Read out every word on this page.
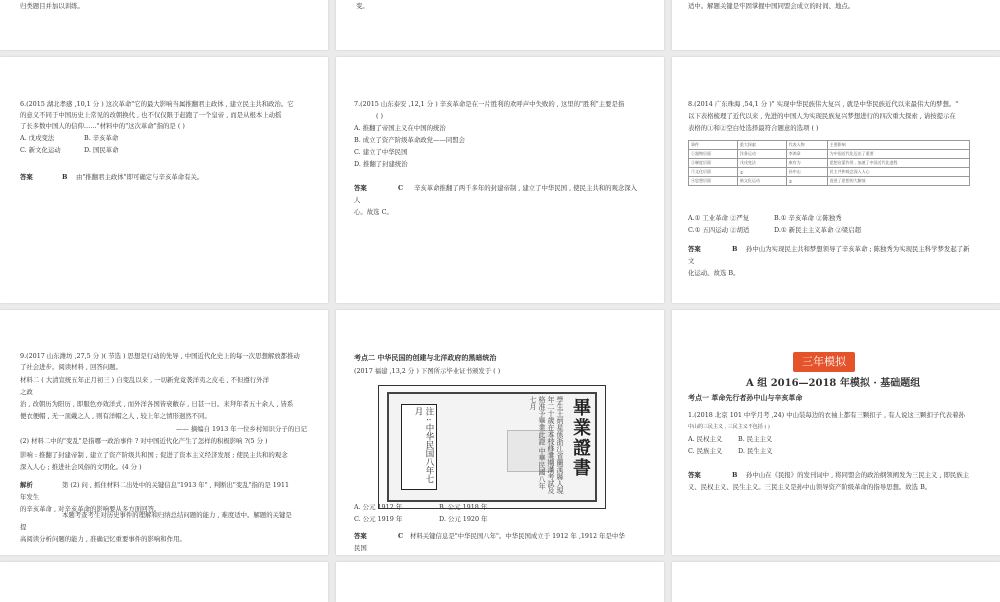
归类题目并加以训练。	变。	适中。解题关键是牢固掌握中国同盟会成立的时间、地点。
6.(2015 湖北孝感 ,10,1 分 ) 这次革命"它的最大影响当属推翻君主政体 , 建立民主共和政治。它
的意义不同于中国历史上常见的改朝换代 , 也不仅仅限于赶跑了一个皇帝 , 而是从根本上动摇
了长多数中国人的信仰……"材料中的"这次革命"指的是 ( )
A. 戊戌变法	B. 辛亥革命
C. 新文化运动	D. 国民革命
答案	B 由"推翻君主政体"即可确定与辛亥革命有关。
7.(2015 山东泰安 ,12,1 分 ) 辛亥革命是在一片胜利的欢呼声中失败的 , 这里的"胜利"主要是指
( )
A. 推翻了帝国主义在中国的统治
B. 成立了资产阶级革命政党——同盟会
C. 建立了中华民国
D. 推翻了封建统治
答案	C 辛亥革命推翻了两千多年的封建帝制 , 建立了中华民国 , 使民主共和的观念深入
人
心。故选 C。
8.(2014 广东珠海 ,54,1 分 )" 实现中华民族伟大复兴 , 就是中华民族近代以来最伟大的梦想。"
以下表格梳理了近代以来 , 先进的中国人为实现民族复兴梦想进行的四次重大探索 , 请按提示在
表格的①和②空白处选择最符合题意的选项 ( )
事件	重大探索	代表人物	主要影响
①器物层面	洋务运动	李鸿章	为中国近代化迈出了重要
②制度层面	戊戌变法	康有为	思想启蒙作用 , 加速了中国近代化进程
③文化层面	①	孙中山	民主共和观念深入人心
④思想层面	新文化运动	②	促进了思想的大解放
A.① 工业革命 ②严复	B.① 辛亥革命 ②陈独秀
C.① 五四运动 ②胡适	D.① 新民主主义革命 ②梁启超
答案	B 孙中山为实现民主共和梦想领导了辛亥革命 ; 陈独秀为实现民主科学梦发起了新
文
化运动。故选 B。
9.(2017 山东潍坊 ,27,5 分 )( 节选 ) 思想是行动的先导 , 中国近代化史上的每一次思想解放都推动
了社会进步。阅读材料 , 回答问题。
材料二 ( 大清宣统五年正月初三 ) 自变乱以来 , 一切新党竟袭洋夷之皮毛 , 不但遵行外洋
之政
治 , 改朝历为阳历 , 即服色亦效洋式 , 而外洋各国皆衰敝存 , 日甚一日。来拜年者五十余人 , 皆系
便衣便帽 , 无一顶戴之人 , 则有洋帽之人 , 较上年之情形迥然不同。
—— 摘编自 1913 年一位乡村知识分子的日记
(2) 材料二中的"变乱"是指哪一政治事件 ? 对中国近代化产生了怎样的积极影响 ?(5 分 )
影响 : 推翻了封建帝制 , 建立了资产阶级共和国 ; 促进了资本主义经济发展 ; 使民主共和的观念
深入人心 ; 推进社会风俗的文明化。(4 分 )
解析	第 (2) 问 , 抓住材料二出处中的关键信息"1913 年" , 判断出"变乱"指的是 1911
年发生
的辛亥革命 , 对辛亥革命的影响要从多方面回答。
本题考查考生对历史事件的理解和归纳总结问题的能力 , 难度适中。解题的关键是
提
高阅读分析问题的能力 , 准确记忆重要事件的影响和作用。
考点二 中华民国的创建与北洋政府的黑暗统治
(2017 福建 ,13,2 分 ) 下图所示毕业证书颁发于 ( )
學生王炳星係浙江省蘭溪縣人現年二十歲在本校修業期滿考試及格准予畢業此證 中華民國八年七月	畢業證書
注 : 中华民国八年七月
A. 公元 1912 年	B. 公元 1918 年
C. 公元 1919 年	D. 公元 1920 年
答案	C 材料关键信息是"中华民国八年"。中华民国成立于 1912 年 ,1912 年是中华
民国
三年模拟
A 组 2016—2018 年模拟 · 基础题组
考点一 革命先行者孙中山与辛亥革命
1.(2018 北京 101 中学月考 ,24) 中山装每边的衣袖上都有三颗扣子 , 有人说这三颗扣子代表着孙
中山的三民主义 , 三民主义不包括 ( )
A. 民权主义 B. 民主主义
C. 民族主义 D. 民生主义
答案	B 孙中山在《民报》的发刊词中 , 将同盟会的政治纲领阐发为三民主义 , 即民族主
义、民权主义、民生主义。三民主义是孙中山领导资产阶级革命的指导思想。故选 B。
